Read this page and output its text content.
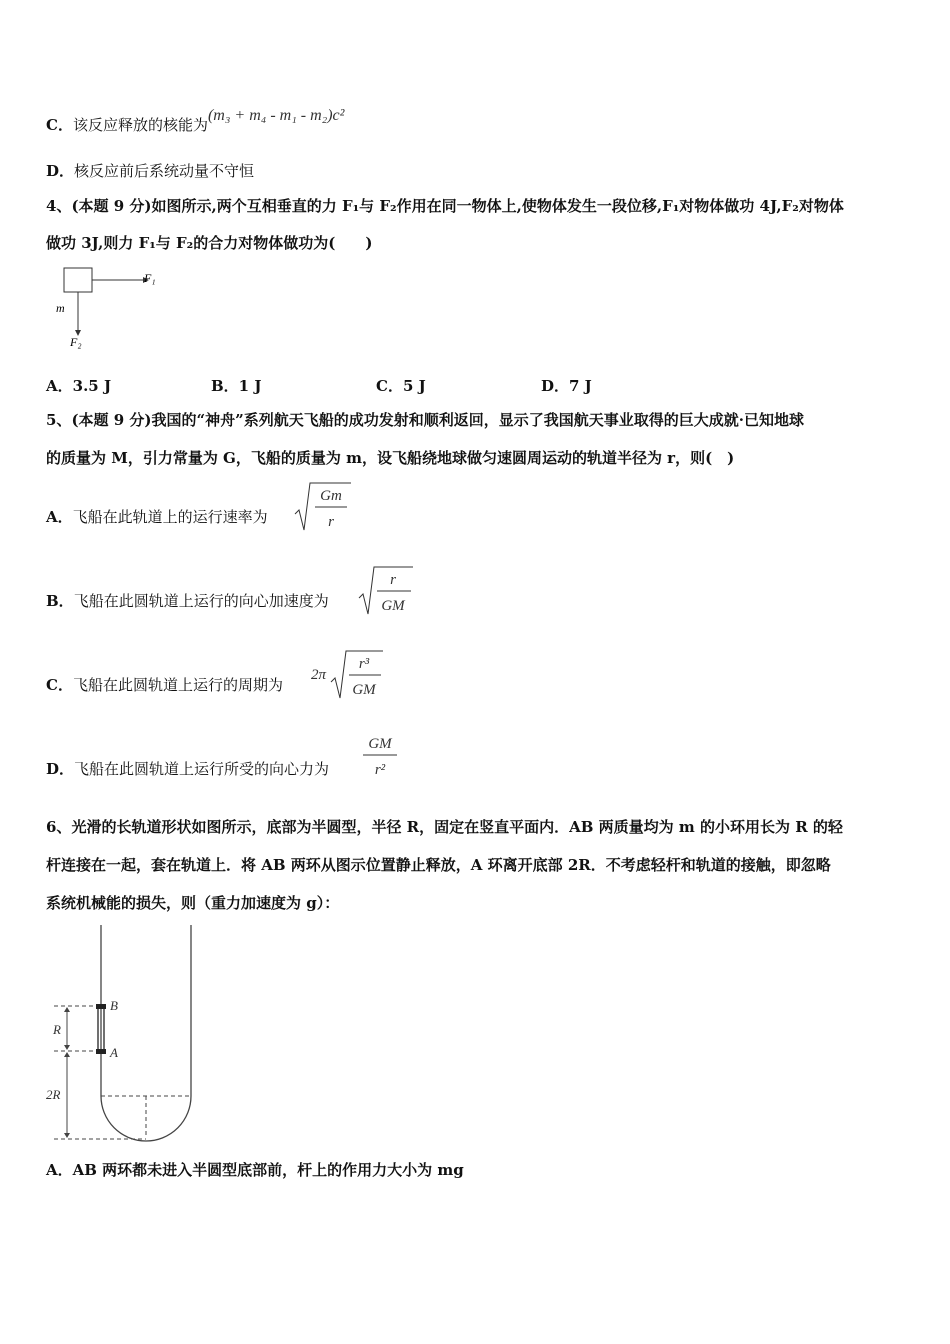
C．该反应释放的核能为(m₃ + m₄ - m₁ - m₂)c²
D．核反应前后系统动量不守恒
4、(本题 9 分)如图所示,两个互相垂直的力 F₁与 F₂作用在同一物体上,使物体发生一段位移,F₁对物体做功 4J,F₂对物体
做功 3J,则力 F₁与 F₂的合力对物体做功为(　　)
F₁
m
F₂
A．3.5 J	B．1 J	C．5 J	D．7 J
5、(本题 9 分)我国的“神舟”系列航天飞船的成功发射和顺利返回，显示了我国航天事业取得的巨大成就·已知地球
的质量为 M，引力常量为 G，飞船的质量为 m，设飞船绕地球做匀速圆周运动的轨道半径为 r，则(　)
A．飞船在此轨道上的运行速率为
Gm
r
B．飞船在此圆轨道上运行的向心加速度为
r
GM
C．飞船在此圆轨道上运行的周期为
2π
r³
GM
D．飞船在此圆轨道上运行所受的向心力为
GM
r²
6、光滑的长轨道形状如图所示，底部为半圆型，半径 R，固定在竖直平面内．AB 两质量均为 m 的小环用长为 R 的轻
杆连接在一起，套在轨道上．将 AB 两环从图示位置静止释放，A 环离开底部 2R．不考虑轻杆和轨道的接触，即忽略
系统机械能的损失，则（重力加速度为 g）：
B
A
R
2R
A．AB 两环都未进入半圆型底部前，杆上的作用力大小为 mg
